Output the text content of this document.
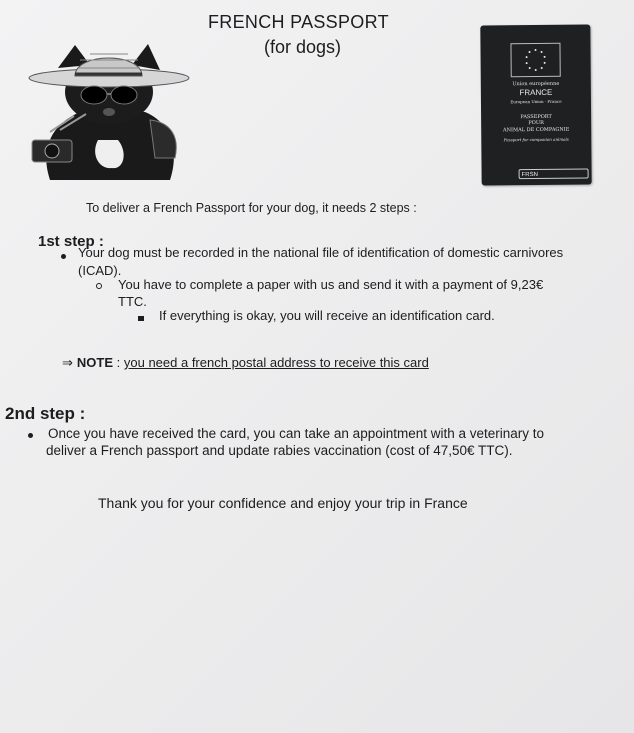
FRENCH PASSPORT
(for dogs)
Union européenne
FRANCE
European Union · France
PASSEPORT
POUR
ANIMAL DE COMPAGNIE
Passport for companion animals
FRSN
To deliver a French Passport for your dog, it needs 2 steps :
1st step :
Your dog must be recorded in the national file of identification of domestic carnivores
(ICAD).
You have to complete a paper with us and send it with a payment of 9,23€
TTC.
If everything is okay, you will receive an identification card.
⇒ NOTE : you need a french postal address to receive this card
2nd step :
Once you have received the card, you can take an appointment with a veterinary to
deliver a French passport and update rabies vaccination (cost of 47,50€ TTC).
Thank you for your confidence and enjoy your trip in France
